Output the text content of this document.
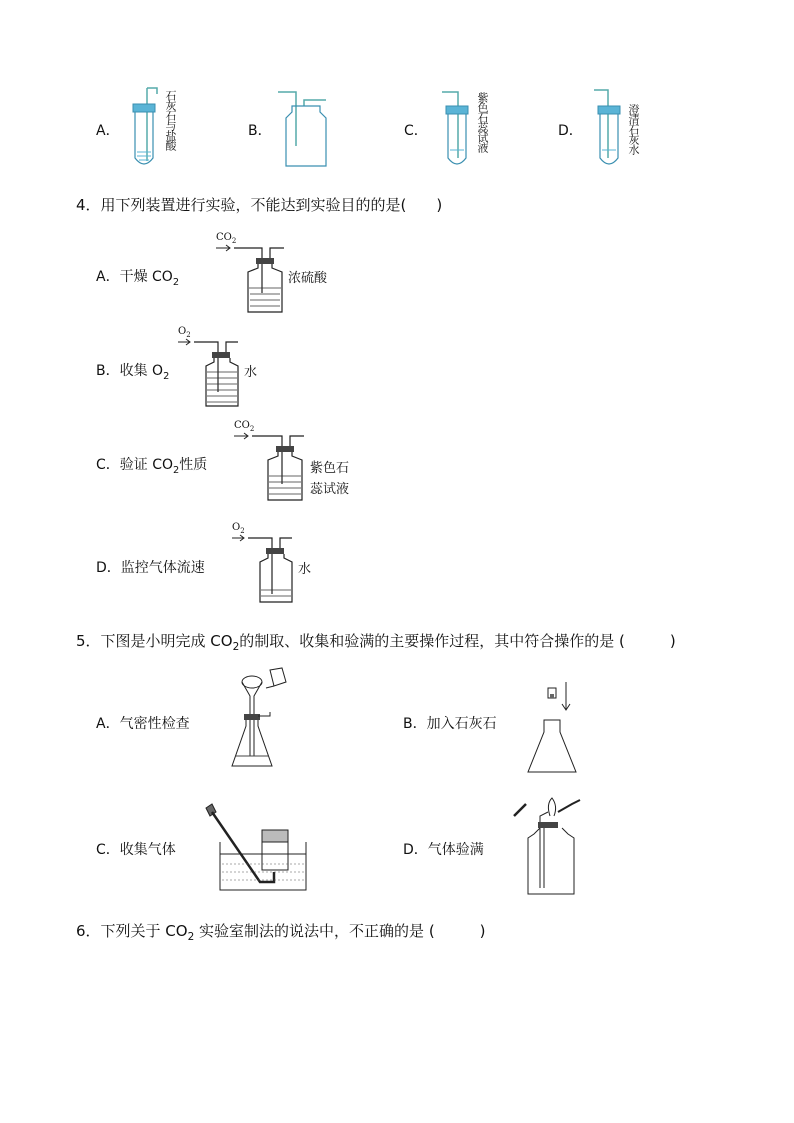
A．	石灰石与盐酸	B．	C．	紫色石蕊试液	D．	澄清石灰水
4．用下列装置进行实验，不能达到实验目的的是(　　)
A．干燥 $CO_2$
$CO_2$
浓硫酸
B．收集 $O_2$
$O_2$
水
C．验证 $CO_2$性质
$CO_2$
紫色石
蕊试液
D．监控气体流速
$O_2$
水
5．下图是小明完成 $CO_2$的制取、收集和验满的主要操作过程，其中符合操作的是 (　　　)
A．气密性检查	B．加入石灰石
C．收集气体	D．气体验满
6．下列关于 $CO_2$ 实验室制法的说法中，不正确的是 (　　　)
